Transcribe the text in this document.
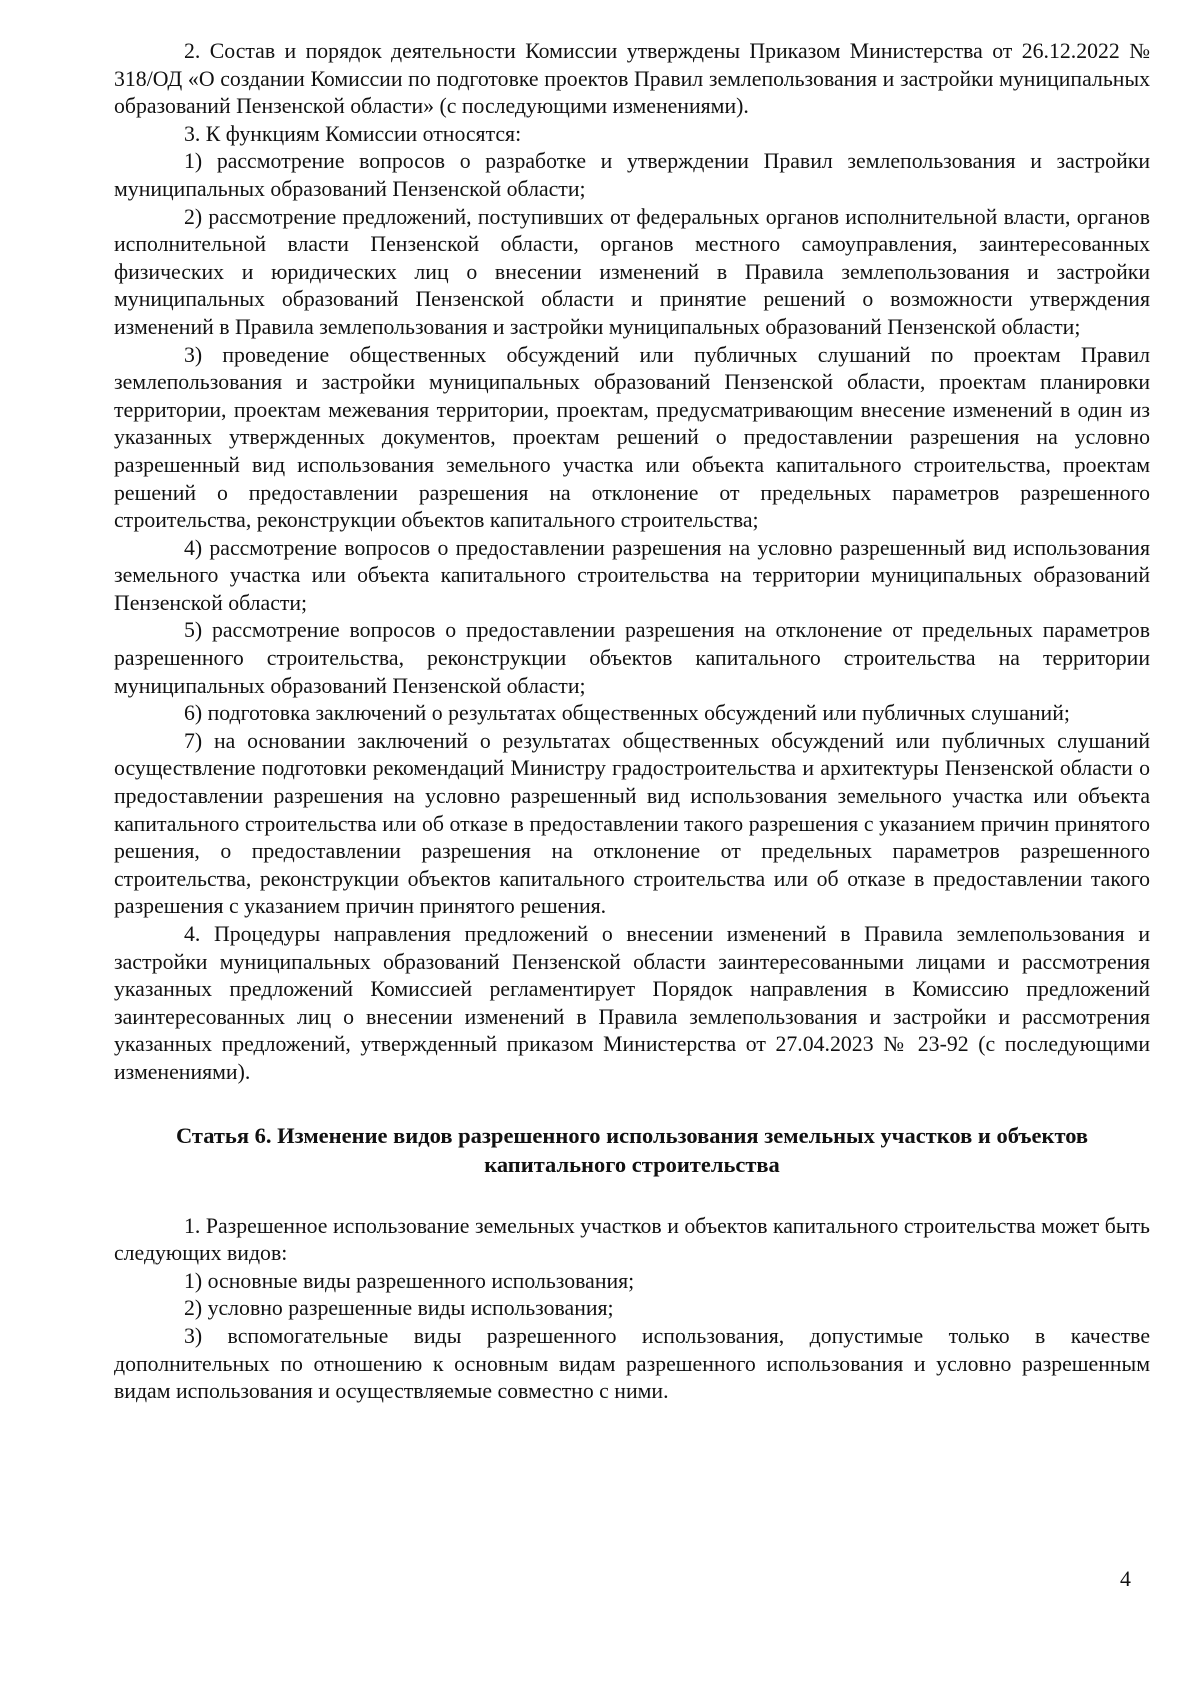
2. Состав и порядок деятельности Комиссии утверждены Приказом Министерства от 26.12.2022 № 318/ОД «О создании Комиссии по подготовке проектов Правил землепользования и застройки муниципальных образований Пензенской области» (с последующими изменениями).

3. К функциям Комиссии относятся:

1) рассмотрение вопросов о разработке и утверждении Правил землепользования и застройки муниципальных образований Пензенской области;

2) рассмотрение предложений, поступивших от федеральных органов исполнительной власти, органов исполнительной власти Пензенской области, органов местного самоуправления, заинтересованных физических и юридических лиц о внесении изменений в Правила землепользования и застройки муниципальных образований Пензенской области и принятие решений о возможности утверждения изменений в Правила землепользования и застройки муниципальных образований Пензенской области;

3) проведение общественных обсуждений или публичных слушаний по проектам Правил землепользования и застройки муниципальных образований Пензенской области, проектам планировки территории, проектам межевания территории, проектам, предусматривающим внесение изменений в один из указанных утвержденных документов, проектам решений о предоставлении разрешения на условно разрешенный вид использования земельного участка или объекта капитального строительства, проектам решений о предоставлении разрешения на отклонение от предельных параметров разрешенного строительства, реконструкции объектов капитального строительства;

4) рассмотрение вопросов о предоставлении разрешения на условно разрешенный вид использования земельного участка или объекта капитального строительства на территории муниципальных образований Пензенской области;

5) рассмотрение вопросов о предоставлении разрешения на отклонение от предельных параметров разрешенного строительства, реконструкции объектов капитального строительства на территории муниципальных образований Пензенской области;

6) подготовка заключений о результатах общественных обсуждений или публичных слушаний;

7) на основании заключений о результатах общественных обсуждений или публичных слушаний осуществление подготовки рекомендаций Министру градостроительства и архитектуры Пензенской области о предоставлении разрешения на условно разрешенный вид использования земельного участка или объекта капитального строительства или об отказе в предоставлении такого разрешения с указанием причин принятого решения, о предоставлении разрешения на отклонение от предельных параметров разрешенного строительства, реконструкции объектов капитального строительства или об отказе в предоставлении такого разрешения с указанием причин принятого решения.

4. Процедуры направления предложений о внесении изменений в Правила землепользования и застройки муниципальных образований Пензенской области заинтересованными лицами и рассмотрения указанных предложений Комиссией регламентирует Порядок направления в Комиссию предложений заинтересованных лиц о внесении изменений в Правила землепользования и застройки и рассмотрения указанных предложений, утвержденный приказом Министерства от 27.04.2023 № 23-92 (с последующими изменениями).

Статья 6. Изменение видов разрешенного использования земельных участков и объектов капитального строительства

1. Разрешенное использование земельных участков и объектов капитального строительства может быть следующих видов:

1) основные виды разрешенного использования;

2) условно разрешенные виды использования;

3) вспомогательные виды разрешенного использования, допустимые только в качестве дополнительных по отношению к основным видам разрешенного использования и условно разрешенным видам использования и осуществляемые совместно с ними.

4
